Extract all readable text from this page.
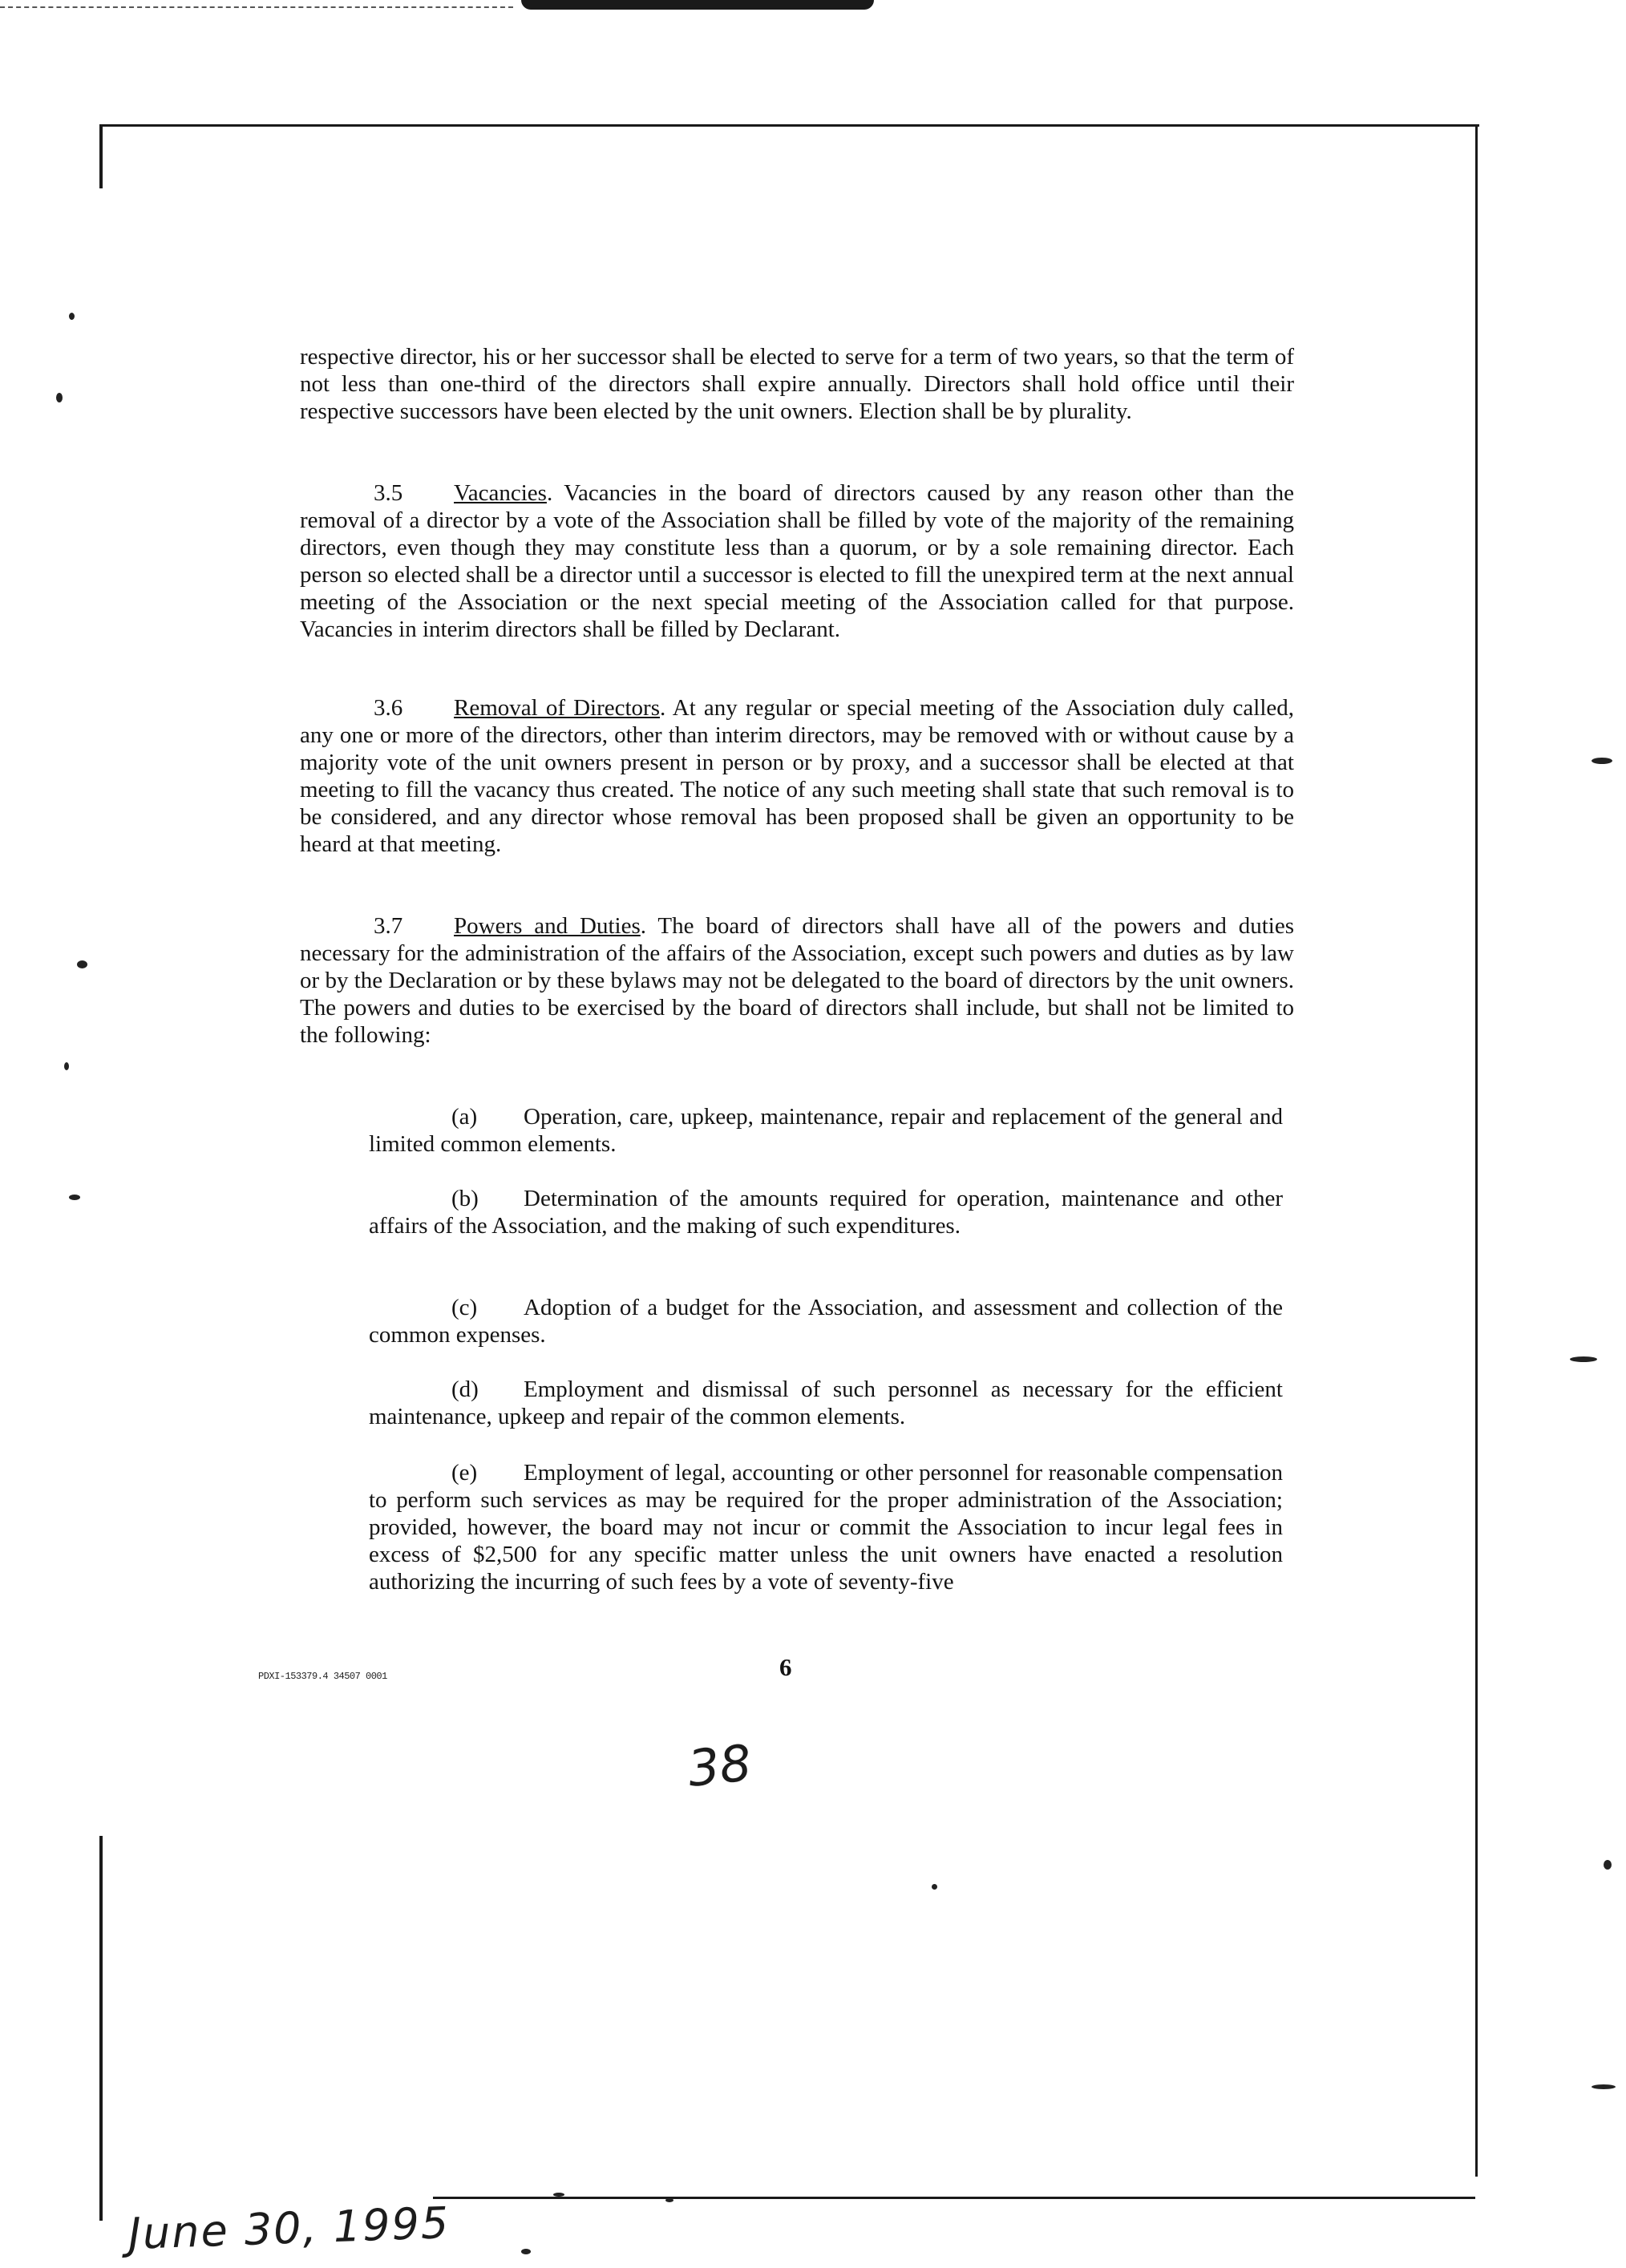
respective director, his or her successor shall be elected to serve for a term of two years, so that the term of not less than one-third of the directors shall expire annually. Directors shall hold office until their respective successors have been elected by the unit owners. Election shall be by plurality.

3.5 Vacancies. Vacancies in the board of directors caused by any reason other than the removal of a director by a vote of the Association shall be filled by vote of the majority of the remaining directors, even though they may constitute less than a quorum, or by a sole remaining director. Each person so elected shall be a director until a successor is elected to fill the unexpired term at the next annual meeting of the Association or the next special meeting of the Association called for that purpose. Vacancies in interim directors shall be filled by Declarant.

3.6 Removal of Directors. At any regular or special meeting of the Association duly called, any one or more of the directors, other than interim directors, may be removed with or without cause by a majority vote of the unit owners present in person or by proxy, and a successor shall be elected at that meeting to fill the vacancy thus created. The notice of any such meeting shall state that such removal is to be considered, and any director whose removal has been proposed shall be given an opportunity to be heard at that meeting.

3.7 Powers and Duties. The board of directors shall have all of the powers and duties necessary for the administration of the affairs of the Association, except such powers and duties as by law or by the Declaration or by these bylaws may not be delegated to the board of directors by the unit owners. The powers and duties to be exercised by the board of directors shall include, but shall not be limited to the following:

(a) Operation, care, upkeep, maintenance, repair and replacement of the general and limited common elements.

(b) Determination of the amounts required for operation, maintenance and other affairs of the Association, and the making of such expenditures.

(c) Adoption of a budget for the Association, and assessment and collection of the common expenses.

(d) Employment and dismissal of such personnel as necessary for the efficient maintenance, upkeep and repair of the common elements.

(e) Employment of legal, accounting or other personnel for reasonable compensation to perform such services as may be required for the proper administration of the Association; provided, however, the board may not incur or commit the Association to incur legal fees in excess of $2,500 for any specific matter unless the unit owners have enacted a resolution authorizing the incurring of such fees by a vote of seventy-five

PDXI-153379.4 34507 0001	6
38
June 30, 1995
